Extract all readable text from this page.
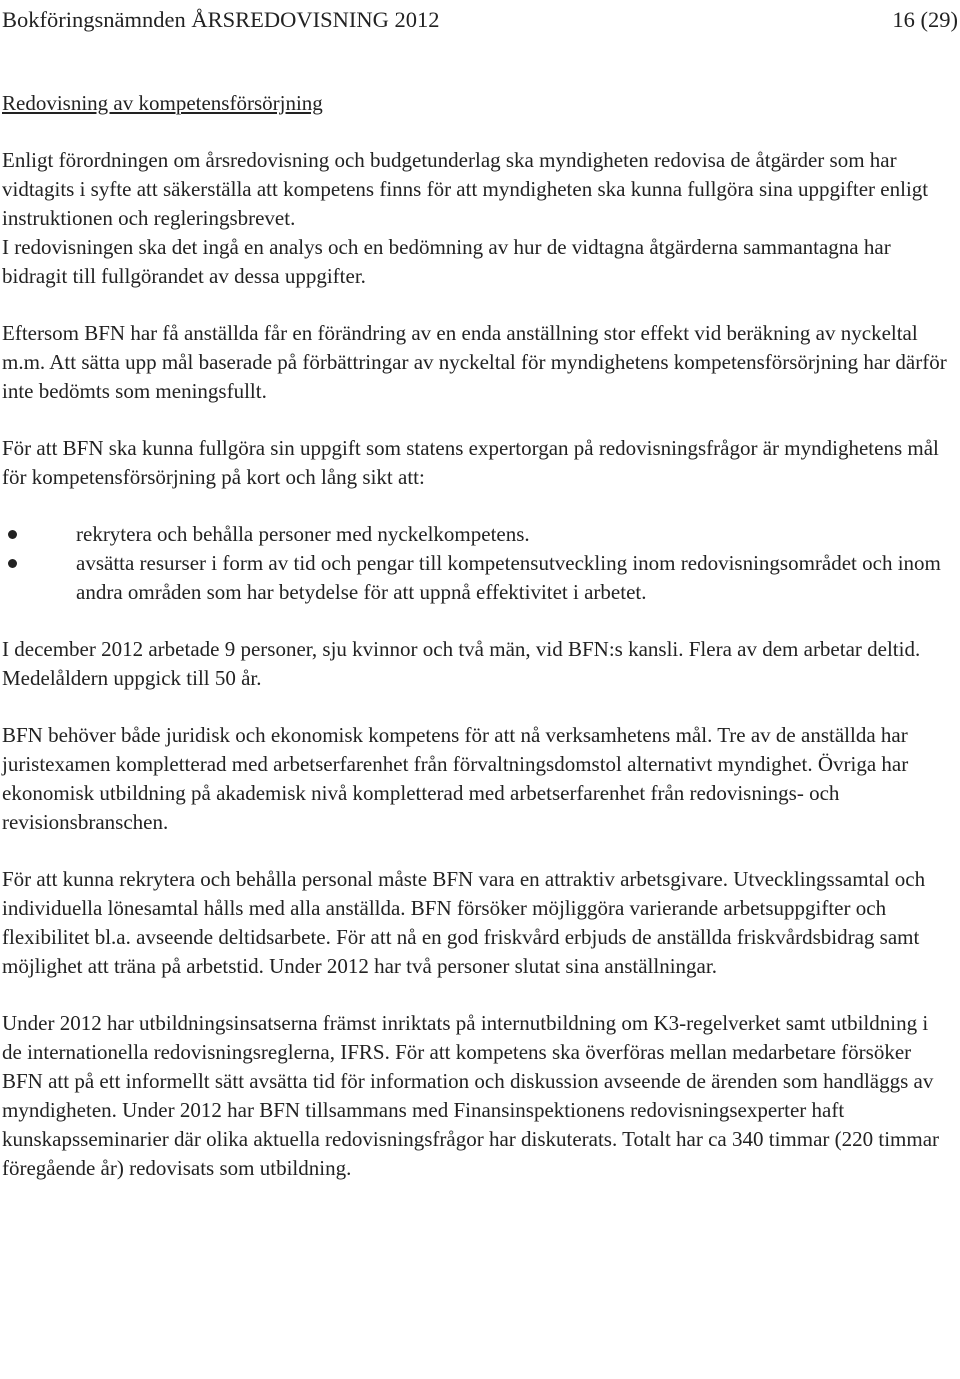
Bokföringsnämnden ÅRSREDOVISNING 2012	16 (29)
Redovisning av kompetensförsörjning
Enligt förordningen om årsredovisning och budgetunderlag ska myndigheten redovisa de åtgärder som har vidtagits i syfte att säkerställa att kompetens finns för att myndigheten ska kunna fullgöra sina uppgifter enligt instruktionen och regleringsbrevet.
I redovisningen ska det ingå en analys och en bedömning av hur de vidtagna åtgärderna sammantagna har bidragit till fullgörandet av dessa uppgifter.
Eftersom BFN har få anställda får en förändring av en enda anställning stor effekt vid beräkning av nyckeltal m.m. Att sätta upp mål baserade på förbättringar av nyckeltal för myndighetens kompetensförsörjning har därför inte bedömts som meningsfullt.
För att BFN ska kunna fullgöra sin uppgift som statens expertorgan på redovisningsfrågor är myndighetens mål för kompetensförsörjning på kort och lång sikt att:
rekrytera och behålla personer med nyckelkompetens.
avsätta resurser i form av tid och pengar till kompetensutveckling inom redovisningsområdet och inom andra områden som har betydelse för att uppnå effektivitet i arbetet.
I december 2012 arbetade 9 personer, sju kvinnor och två män, vid BFN:s kansli. Flera av dem arbetar deltid. Medelåldern uppgick till 50 år.
BFN behöver både juridisk och ekonomisk kompetens för att nå verksamhetens mål. Tre av de anställda har juristexamen kompletterad med arbetserfarenhet från förvaltningsdomstol alternativt myndighet. Övriga har ekonomisk utbildning på akademisk nivå kompletterad med arbetserfarenhet från redovisnings- och revisionsbranschen.
För att kunna rekrytera och behålla personal måste BFN vara en attraktiv arbetsgivare. Utvecklingssamtal och individuella lönesamtal hålls med alla anställda. BFN försöker möjliggöra varierande arbetsuppgifter och flexibilitet bl.a. avseende deltidsarbete. För att nå en god friskvård erbjuds de anställda friskvårdsbidrag samt möjlighet att träna på arbetstid. Under 2012 har två personer slutat sina anställningar.
Under 2012 har utbildningsinsatserna främst inriktats på internutbildning om K3-regelverket samt utbildning i de internationella redovisningsreglerna, IFRS. För att kompetens ska överföras mellan medarbetare försöker BFN att på ett informellt sätt avsätta tid för information och diskussion avseende de ärenden som handläggs av myndigheten. Under 2012 har BFN tillsammans med Finansinspektionens redovisningsexperter haft kunskapsseminarier där olika aktuella redovisningsfrågor har diskuterats. Totalt har ca 340 timmar (220 timmar föregående år) redovisats som utbildning.
